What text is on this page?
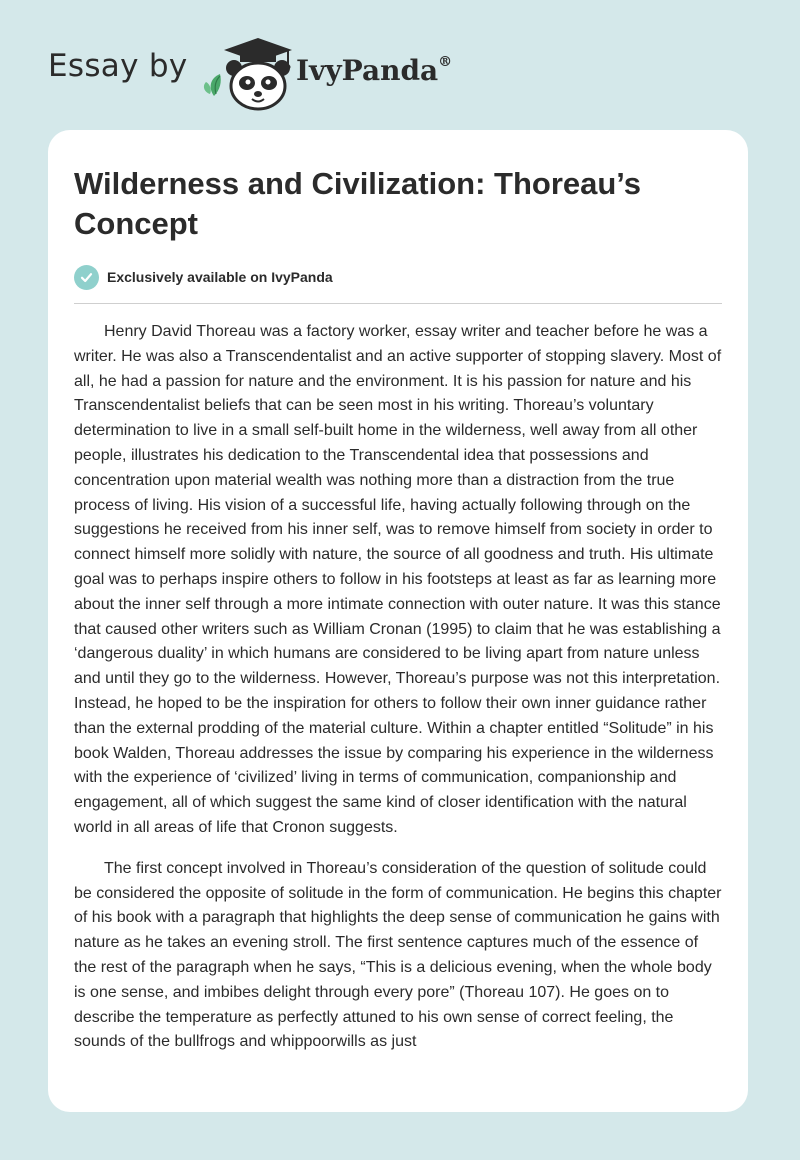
Essay by	IvyPanda®
Wilderness and Civilization: Thoreau’s Concept
Exclusively available on IvyPanda

Henry David Thoreau was a factory worker, essay writer and teacher before he was a writer. He was also a Transcendentalist and an active supporter of stopping slavery. Most of all, he had a passion for nature and the environment. It is his passion for nature and his Transcendentalist beliefs that can be seen most in his writing. Thoreau’s voluntary determination to live in a small self-built home in the wilderness, well away from all other people, illustrates his dedication to the Transcendental idea that possessions and concentration upon material wealth was nothing more than a distraction from the true process of living. His vision of a successful life, having actually following through on the suggestions he received from his inner self, was to remove himself from society in order to connect himself more solidly with nature, the source of all goodness and truth. His ultimate goal was to perhaps inspire others to follow in his footsteps at least as far as learning more about the inner self through a more intimate connection with outer nature. It was this stance that caused other writers such as William Cronan (1995) to claim that he was establishing a ‘dangerous duality’ in which humans are considered to be living apart from nature unless and until they go to the wilderness. However, Thoreau’s purpose was not this interpretation. Instead, he hoped to be the inspiration for others to follow their own inner guidance rather than the external prodding of the material culture. Within a chapter entitled “Solitude” in his book Walden, Thoreau addresses the issue by comparing his experience in the wilderness with the experience of ‘civilized’ living in terms of communication, companionship and engagement, all of which suggest the same kind of closer identification with the natural world in all areas of life that Cronon suggests.

The first concept involved in Thoreau’s consideration of the question of solitude could be considered the opposite of solitude in the form of communication. He begins this chapter of his book with a paragraph that highlights the deep sense of communication he gains with nature as he takes an evening stroll. The first sentence captures much of the essence of the rest of the paragraph when he says, “This is a delicious evening, when the whole body is one sense, and imbibes delight through every pore” (Thoreau 107). He goes on to describe the temperature as perfectly attuned to his own sense of correct feeling, the sounds of the bullfrogs and whippoorwills as just
